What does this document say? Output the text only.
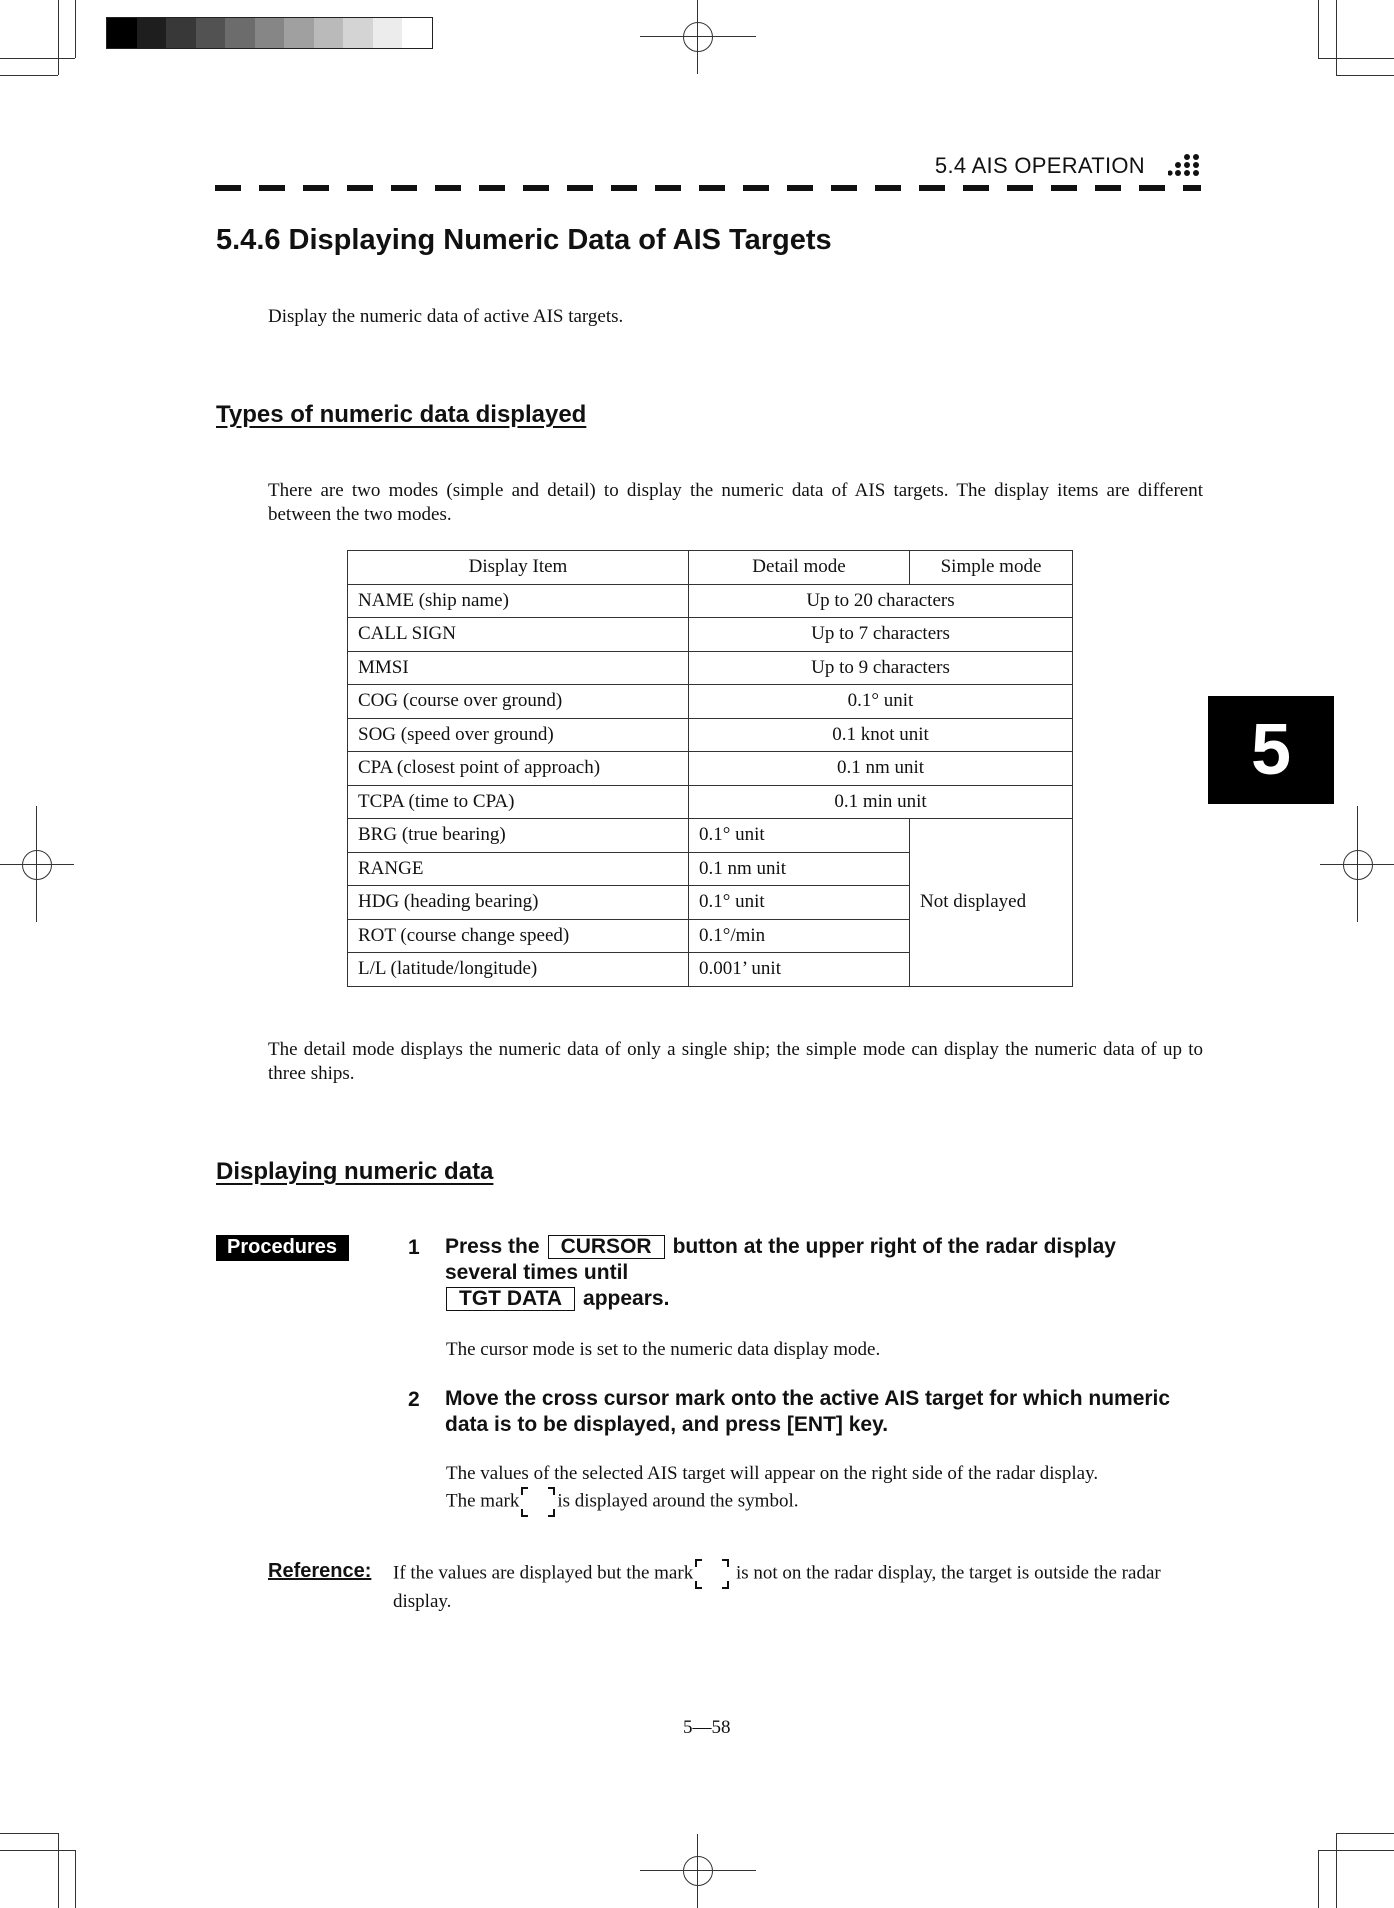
5.4 AIS OPERATION
5.4.6 Displaying Numeric Data of AIS Targets
Display the numeric data of active AIS targets.
Types of numeric data displayed
There are two modes (simple and detail) to display the numeric data of AIS targets. The display items are different between the two modes.
Display Item	Detail mode	Simple mode
NAME (ship name)	Up to 20 characters	
CALL SIGN	Up to 7 characters	
MMSI	Up to 9 characters	
COG (course over ground)	0.1° unit	
SOG (speed over ground)	0.1 knot unit	
CPA (closest point of approach)	0.1 nm unit	
TCPA (time to CPA)	0.1 min unit	
BRG (true bearing)	0.1° unit	Not displayed
RANGE	0.1 nm unit	
HDG (heading bearing)	0.1° unit	
ROT (course change speed)	0.1°/min	
L/L (latitude/longitude)	0.001’ unit	
5
The detail mode displays the numeric data of only a single ship; the simple mode can display the numeric data of up to three ships.
Displaying numeric data
Procedures	1 Press the CURSOR button at the upper right of the radar display
several times until
TGT DATA appears.
The cursor mode is set to the numeric data display mode.
2 Move the cross cursor mark onto the active AIS target for which numeric
data is to be displayed, and press [ENT] key.
The values of the selected AIS target will appear on the right side of the radar display.
The mark is displayed around the symbol.
Reference: If the values are displayed but the mark
is not on the radar display, the target is outside the radar display.
5—58
